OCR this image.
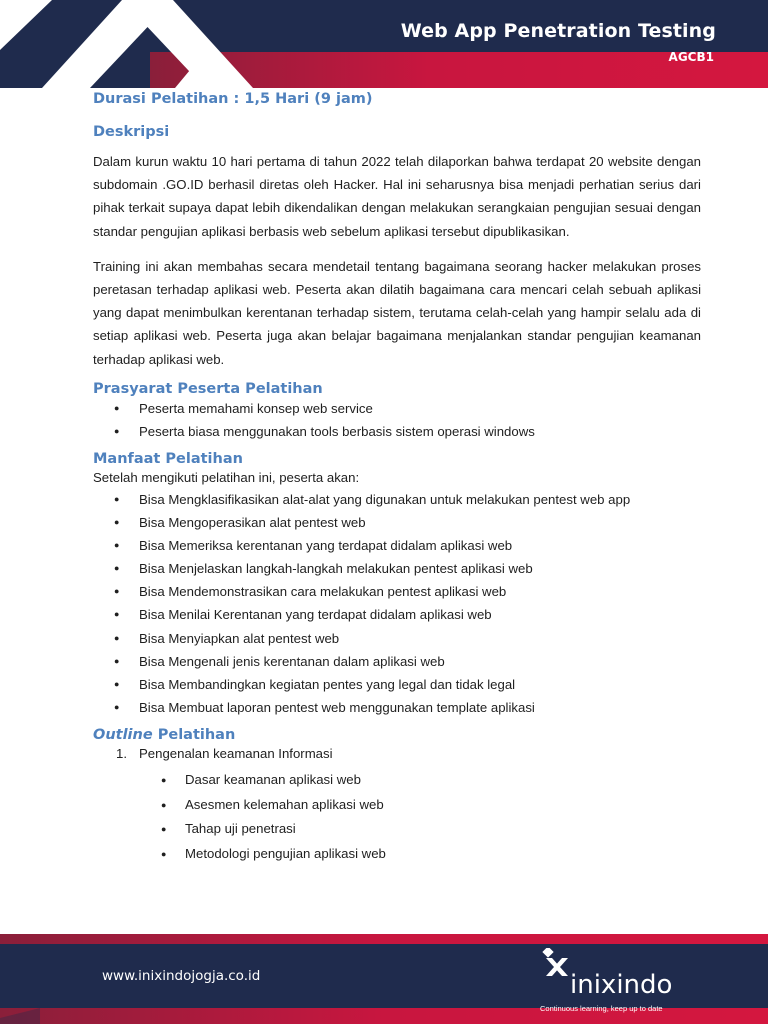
Web App Penetration Testing
AGCB1
Durasi Pelatihan : 1,5 Hari (9 jam)
Deskripsi

Dalam kurun waktu 10 hari pertama di tahun 2022 telah dilaporkan bahwa terdapat 20 website dengan subdomain .GO.ID berhasil diretas oleh Hacker. Hal ini seharusnya bisa menjadi perhatian serius dari pihak terkait supaya dapat lebih dikendalikan dengan melakukan serangkaian pengujian sesuai dengan standar pengujian aplikasi berbasis web sebelum aplikasi tersebut dipublikasikan.

Training ini akan membahas secara mendetail tentang bagaimana seorang hacker melakukan proses peretasan terhadap aplikasi web. Peserta akan dilatih bagaimana cara mencari celah sebuah aplikasi yang dapat menimbulkan kerentanan terhadap sistem, terutama celah-celah yang hampir selalu ada di setiap aplikasi web. Peserta juga akan belajar bagaimana menjalankan standar pengujian keamanan terhadap aplikasi web.

Prasyarat Peserta Pelatihan
● Peserta memahami konsep web service
● Peserta biasa menggunakan tools berbasis sistem operasi windows
Manfaat Pelatihan
Setelah mengikuti pelatihan ini, peserta akan:
● Bisa Mengklasifikasikan alat-alat yang digunakan untuk melakukan pentest web app
● Bisa Mengoperasikan alat pentest web
● Bisa Memeriksa kerentanan yang terdapat didalam aplikasi web
● Bisa Menjelaskan langkah-langkah melakukan pentest aplikasi web
● Bisa Mendemonstrasikan cara melakukan pentest aplikasi web
● Bisa Menilai Kerentanan yang terdapat didalam aplikasi web
● Bisa Menyiapkan alat pentest web
● Bisa Mengenali jenis kerentanan dalam aplikasi web
● Bisa Membandingkan kegiatan pentes yang legal dan tidak legal
● Bisa Membuat laporan pentest web menggunakan template aplikasi
Outline Pelatihan
1. Pengenalan keamanan Informasi
● Dasar keamanan aplikasi web
● Asesmen kelemahan aplikasi web
● Tahap uji penetrasi
● Metodologi pengujian aplikasi web
www.inixindojogja.co.id	inixindo
Continuous learning, keep up to date
